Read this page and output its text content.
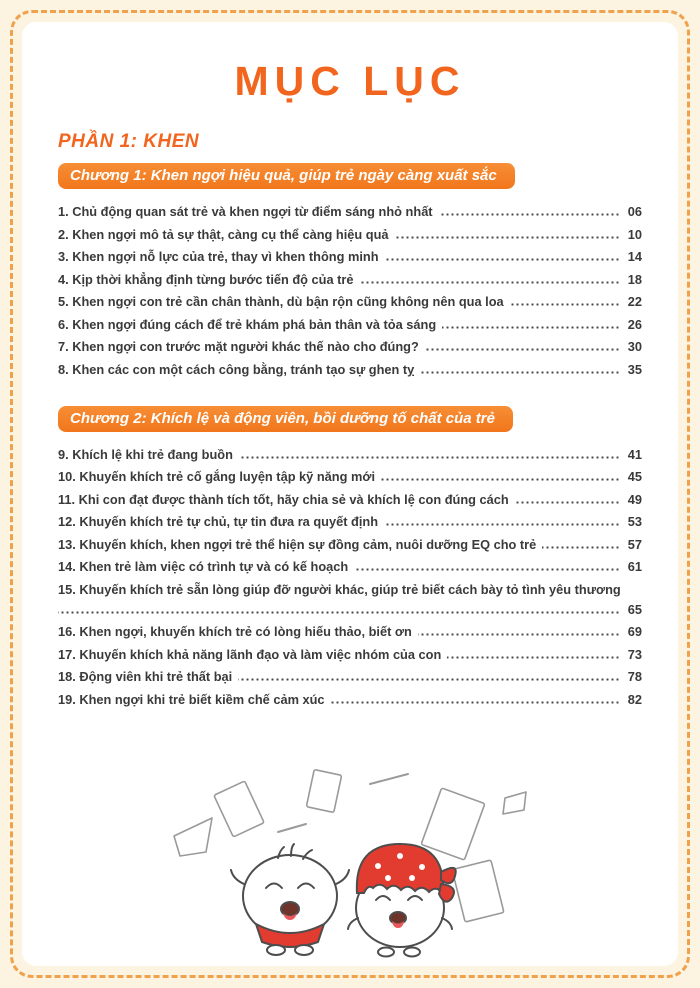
MỤC LỤC
PHẦN 1: KHEN
Chương 1: Khen ngợi hiệu quả, giúp trẻ ngày càng xuất sắc
1. Chủ động quan sát trẻ và khen ngợi từ điểm sáng nhỏ nhất	06
2. Khen ngợi mô tả sự thật, càng cụ thể càng hiệu quả	10
3. Khen ngợi nỗ lực của trẻ, thay vì khen thông minh	14
4. Kịp thời khẳng định từng bước tiến độ của trẻ	18
5. Khen ngợi con trẻ cần chân thành, dù bận rộn cũng không nên qua loa	22
6. Khen ngợi đúng cách để trẻ khám phá bản thân và tỏa sáng	26
7. Khen ngợi con trước mặt người khác thế nào cho đúng?	30
8. Khen các con một cách công bằng, tránh tạo sự ghen tỵ	35
Chương 2: Khích lệ và động viên, bồi dưỡng tố chất của trẻ
9. Khích lệ khi trẻ đang buồn	41
10. Khuyến khích trẻ cố gắng luyện tập kỹ năng mới	45
11. Khi con đạt được thành tích tốt, hãy chia sẻ và khích lệ con đúng cách	49
12. Khuyến khích trẻ tự chủ, tự tin đưa ra quyết định	53
13. Khuyến khích, khen ngợi trẻ thể hiện sự đồng cảm, nuôi dưỡng EQ cho trẻ	57
14. Khen trẻ làm việc có trình tự và có kế hoạch	61
15. Khuyến khích trẻ sẵn lòng giúp đỡ người khác, giúp trẻ biết cách bày tỏ tình yêu thương
65
16. Khen ngợi, khuyến khích trẻ có lòng hiếu thảo, biết ơn	69
17. Khuyến khích khả năng lãnh đạo và làm việc nhóm của con	73
18. Động viên khi trẻ thất bại	78
19. Khen ngợi khi trẻ biết kiềm chế cảm xúc	82
